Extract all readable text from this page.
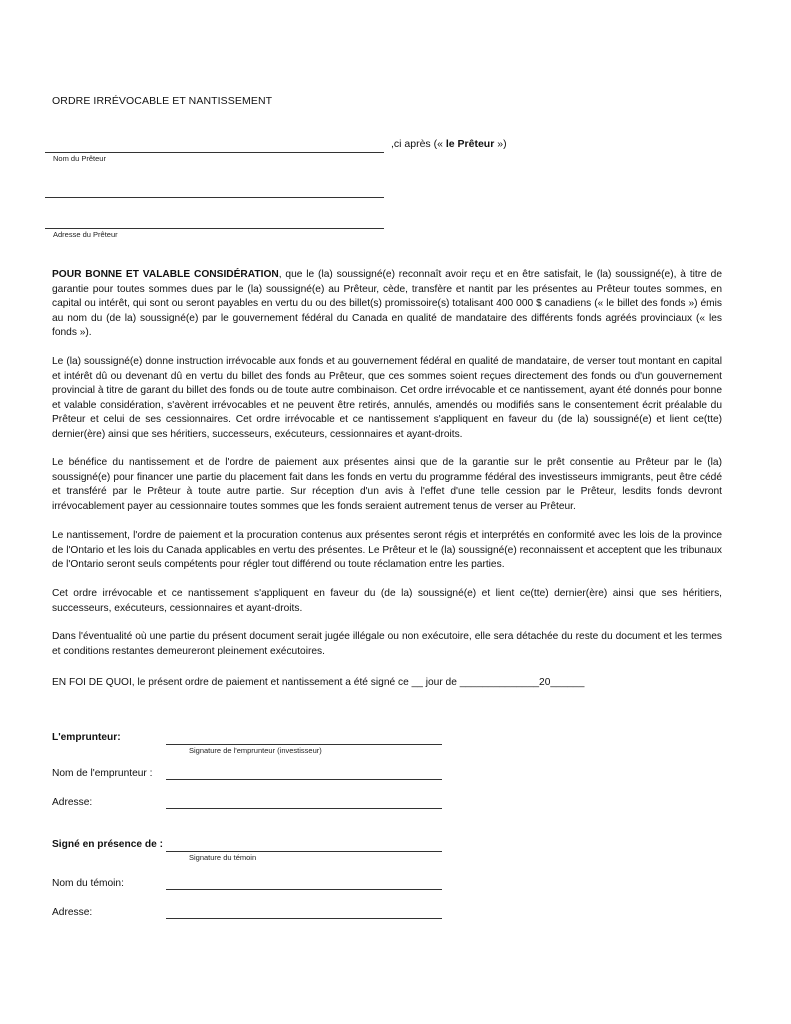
ORDRE IRRÉVOCABLE ET NANTISSEMENT
,ci après (« le Prêteur »)
Nom du Prêteur
Adresse du Prêteur
POUR BONNE ET VALABLE CONSIDÉRATION, que le (la) soussigné(e) reconnaît avoir reçu et en être satisfait, le (la) soussigné(e), à titre de garantie pour toutes sommes dues par le (la) soussigné(e) au Prêteur, cède, transfère et nantit par les présentes au Prêteur toutes sommes, en capital ou intérêt, qui sont ou seront payables en vertu du ou des billet(s) promissoire(s) totalisant 400 000 $ canadiens (« le billet des fonds ») émis au nom du (de la) soussigné(e) par le gouvernement fédéral du Canada en qualité de mandataire des différents fonds agréés provinciaux (« les fonds »).
Le (la) soussigné(e) donne instruction irrévocable aux fonds et au gouvernement fédéral en qualité de mandataire, de verser tout montant en capital et intérêt dû ou devenant dû en vertu du billet des fonds au Prêteur, que ces sommes soient reçues directement des fonds ou d'un gouvernement provincial à titre de garant du billet des fonds ou de toute autre combinaison. Cet ordre irrévocable et ce nantissement, ayant été donnés pour bonne et valable considération, s'avèrent irrévocables et ne peuvent être retirés, annulés, amendés ou modifiés sans le consentement écrit préalable du Prêteur et celui de ses cessionnaires. Cet ordre irrévocable et ce nantissement s'appliquent en faveur du (de la) soussigné(e) et lient ce(tte) dernier(ère) ainsi que ses héritiers, successeurs, exécuteurs, cessionnaires et ayant-droits.
Le bénéfice du nantissement et de l'ordre de paiement aux présentes ainsi que de la garantie sur le prêt consentie au Prêteur par le (la) soussigné(e) pour financer une partie du placement fait dans les fonds en vertu du programme fédéral des investisseurs immigrants, peut être cédé et transféré par le Prêteur à toute autre partie. Sur réception d'un avis à l'effet d'une telle cession par le Prêteur, lesdits fonds devront irrévocablement payer au cessionnaire toutes sommes que les fonds seraient autrement tenus de verser au Prêteur.
Le nantissement, l'ordre de paiement et la procuration contenus aux présentes seront régis et interprétés en conformité avec les lois de la province de l'Ontario et les lois du Canada applicables en vertu des présentes. Le Prêteur et le (la) soussigné(e) reconnaissent et acceptent que les tribunaux de l'Ontario seront seuls compétents pour régler tout différend ou toute réclamation entre les parties.
Cet ordre irrévocable et ce nantissement s'appliquent en faveur du (de la) soussigné(e) et lient ce(tte) dernier(ère) ainsi que ses héritiers, successeurs, exécuteurs, cessionnaires et ayant-droits.
Dans l'éventualité où une partie du présent document serait jugée illégale ou non exécutoire, elle sera détachée du reste du document et les termes et conditions restantes demeureront pleinement exécutoires.
EN FOI DE QUOI, le présent ordre de paiement et nantissement a été signé ce __ jour de ______________20______
L'emprunteur:
Signature de l'emprunteur (investisseur)
Nom de l'emprunteur :
Adresse:
Signé en présence de :
Signature du témoin
Nom du témoin:
Adresse:
